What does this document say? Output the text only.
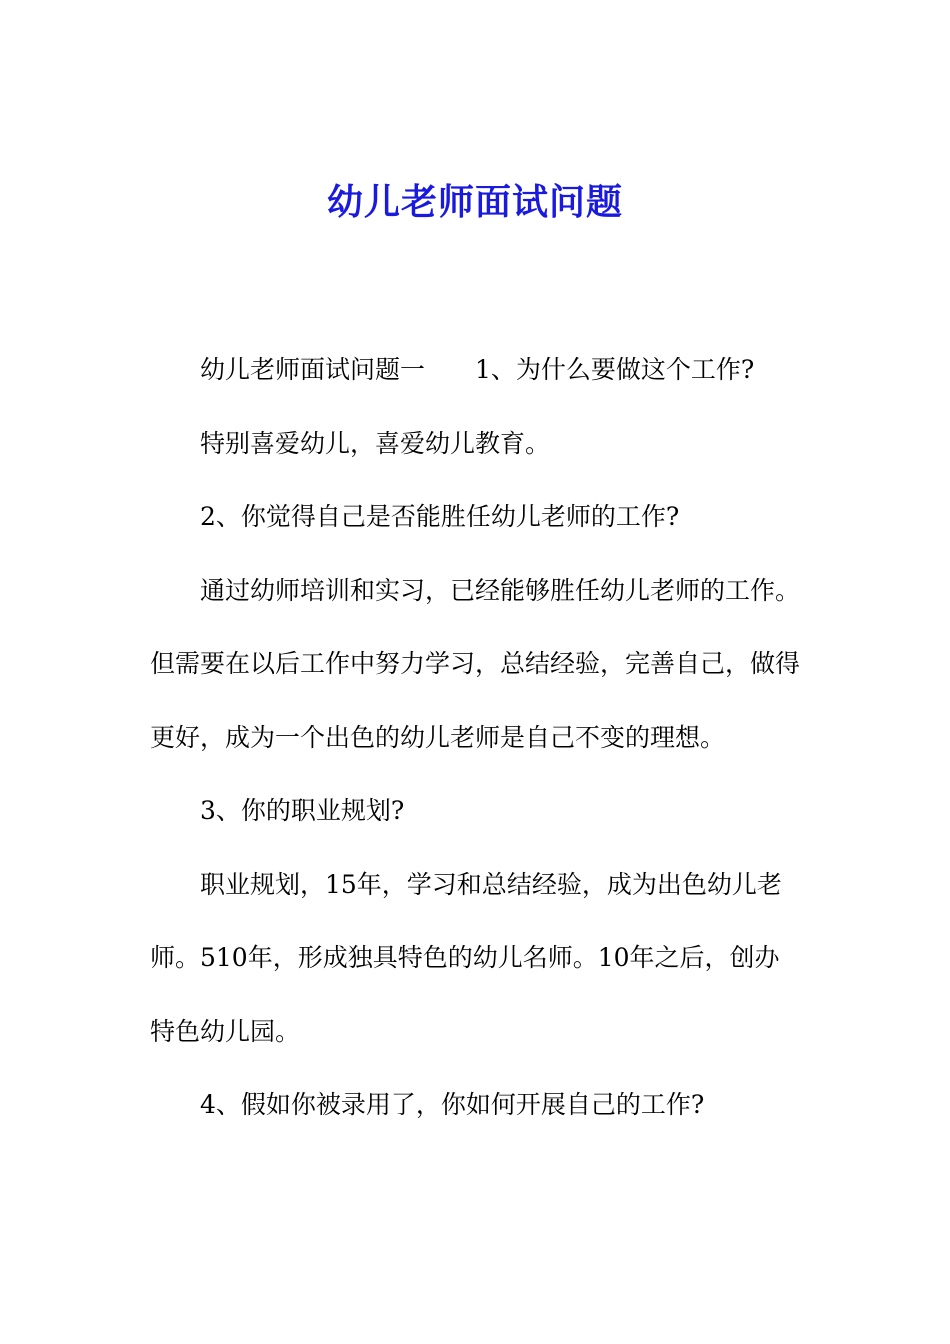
幼儿老师面试问题

幼儿老师面试问题一 1、为什么要做这个工作?

特别喜爱幼儿，喜爱幼儿教育。

2、你觉得自己是否能胜任幼儿老师的工作?

通过幼师培训和实习，已经能够胜任幼儿老师的工作。但需要在以后工作中努力学习，总结经验，完善自己，做得更好，成为一个出色的幼儿老师是自己不变的理想。

3、你的职业规划?

职业规划，15年，学习和总结经验，成为出色幼儿老师。510年，形成独具特色的幼儿名师。10年之后，创办特色幼儿园。

4、假如你被录用了，你如何开展自己的工作?
